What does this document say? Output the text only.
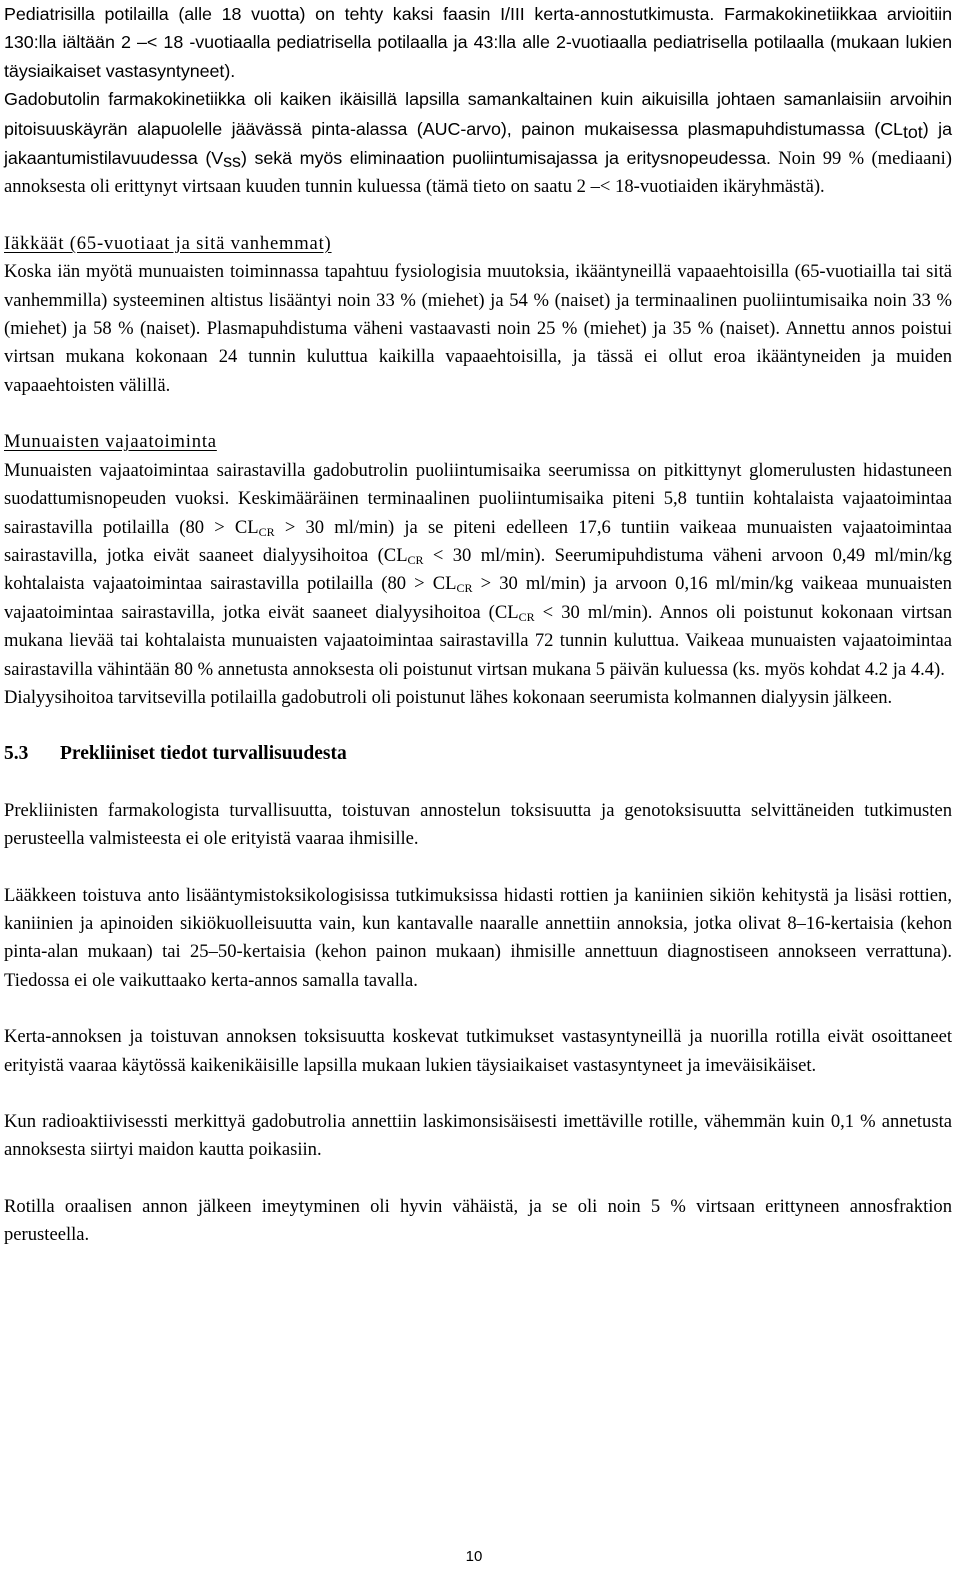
Pediatrisilla potilailla (alle 18 vuotta) on tehty kaksi faasin I/III kerta-annostutkimusta. Farmakokinetiikkaa arvioitiin 130:lla iältään 2 –< 18 -vuotiaalla pediatrisella potilaalla ja 43:lla alle 2-vuotiaalla pediatrisella potilaalla (mukaan lukien täysiaikaiset vastasyntyneet).

Gadobutolin farmakokinetiikka oli kaiken ikäisillä lapsilla samankaltainen kuin aikuisilla johtaen samanlaisiin arvoihin pitoisuuskäyrän alapuolelle jäävässä pinta-alassa (AUC-arvo), painon mukaisessa plasmapuhdistumassa $(CL_{tot})$ ja jakaantumistilavuudessa $(V_{ss})$ sekä myös eliminaation puoliintumisajassa ja eritysnopeudessa. Noin 99 % (mediaani) annoksesta oli erittynyt virtsaan kuuden tunnin kuluessa (tämä tieto on saatu 2 –< 18-vuotiaiden ikäryhmästä).

Iäkkäät (65-vuotiaat ja sitä vanhemmat)

Koska iän myötä munuaisten toiminnassa tapahtuu fysiologisia muutoksia, ikääntyneillä vapaaehtoisilla (65-vuotiailla tai sitä vanhemmilla) systeeminen altistus lisääntyi noin 33 % (miehet) ja 54 % (naiset) ja terminaalinen puoliintumisaika noin 33 % (miehet) ja 58 % (naiset). Plasmapuhdistuma väheni vastaavasti noin 25 % (miehet) ja 35 % (naiset). Annettu annos poistui virtsan mukana kokonaan 24 tunnin kuluttua kaikilla vapaaehtoisilla, ja tässä ei ollut eroa ikääntyneiden ja muiden vapaaehtoisten välillä.

Munuaisten vajaatoiminta

Munuaisten vajaatoimintaa sairastavilla gadobutrolin puoliintumisaika seerumissa on pitkittynyt glomerulusten hidastuneen suodattumisnopeuden vuoksi. Keskimääräinen terminaalinen puoliintumisaika piteni 5,8 tuntiin kohtalaista vajaatoimintaa sairastavilla potilailla ($80 > CL_{CR} > 30$ ml/min) ja se piteni edelleen 17,6 tuntiin vaikeaa munuaisten vajaatoimintaa sairastavilla, jotka eivät saaneet dialyysihoitoa ($CL_{CR} < 30$ ml/min). Seerumipuhdistuma väheni arvoon 0,49 ml/min/kg kohtalaista vajaatoimintaa sairastavilla potilailla ($80 > CL_{CR} > 30$ ml/min) ja arvoon 0,16 ml/min/kg vaikeaa munuaisten vajaatoimintaa sairastavilla, jotka eivät saaneet dialyysihoitoa ($CL_{CR} < 30$ ml/min). Annos oli poistunut kokonaan virtsan mukana lievää tai kohtalaista munuaisten vajaatoimintaa sairastavilla 72 tunnin kuluttua. Vaikeaa munuaisten vajaatoimintaa sairastavilla vähintään 80 % annetusta annoksesta oli poistunut virtsan mukana 5 päivän kuluessa (ks. myös kohdat 4.2 ja 4.4).

Dialyysihoitoa tarvitsevilla potilailla gadobutroli oli poistunut lähes kokonaan seerumista kolmannen dialyysin jälkeen.

5.3 Prekliiniset tiedot turvallisuudesta

Prekliinisten farmakologista turvallisuutta, toistuvan annostelun toksisuutta ja genotoksisuutta selvittäneiden tutkimusten perusteella valmisteesta ei ole erityistä vaaraa ihmisille.

Lääkkeen toistuva anto lisääntymistoksikologisissa tutkimuksissa hidasti rottien ja kaniinien sikiön kehitystä ja lisäsi rottien, kaniinien ja apinoiden sikiökuolleisuutta vain, kun kantavalle naaralle annettiin annoksia, jotka olivat 8–16-kertaisia (kehon pinta-alan mukaan) tai 25–50-kertaisia (kehon painon mukaan) ihmisille annettuun diagnostiseen annokseen verrattuna). Tiedossa ei ole vaikuttaako kerta-annos samalla tavalla.

Kerta-annoksen ja toistuvan annoksen toksisuutta koskevat tutkimukset vastasyntyneillä ja nuorilla rotilla eivät osoittaneet erityistä vaaraa käytössä kaikenikäisille lapsilla mukaan lukien täysiaikaiset vastasyntyneet ja imeväisikäiset.

Kun radioaktiivisessti merkittyä gadobutrolia annettiin laskimonsisäisesti imettäville rotille, vähemmän kuin 0,1 % annetusta annoksesta siirtyi maidon kautta poikasiin.

Rotilla oraalisen annon jälkeen imeytyminen oli hyvin vähäistä, ja se oli noin 5 % virtsaan erittyneen annosfraktion perusteella.

10
